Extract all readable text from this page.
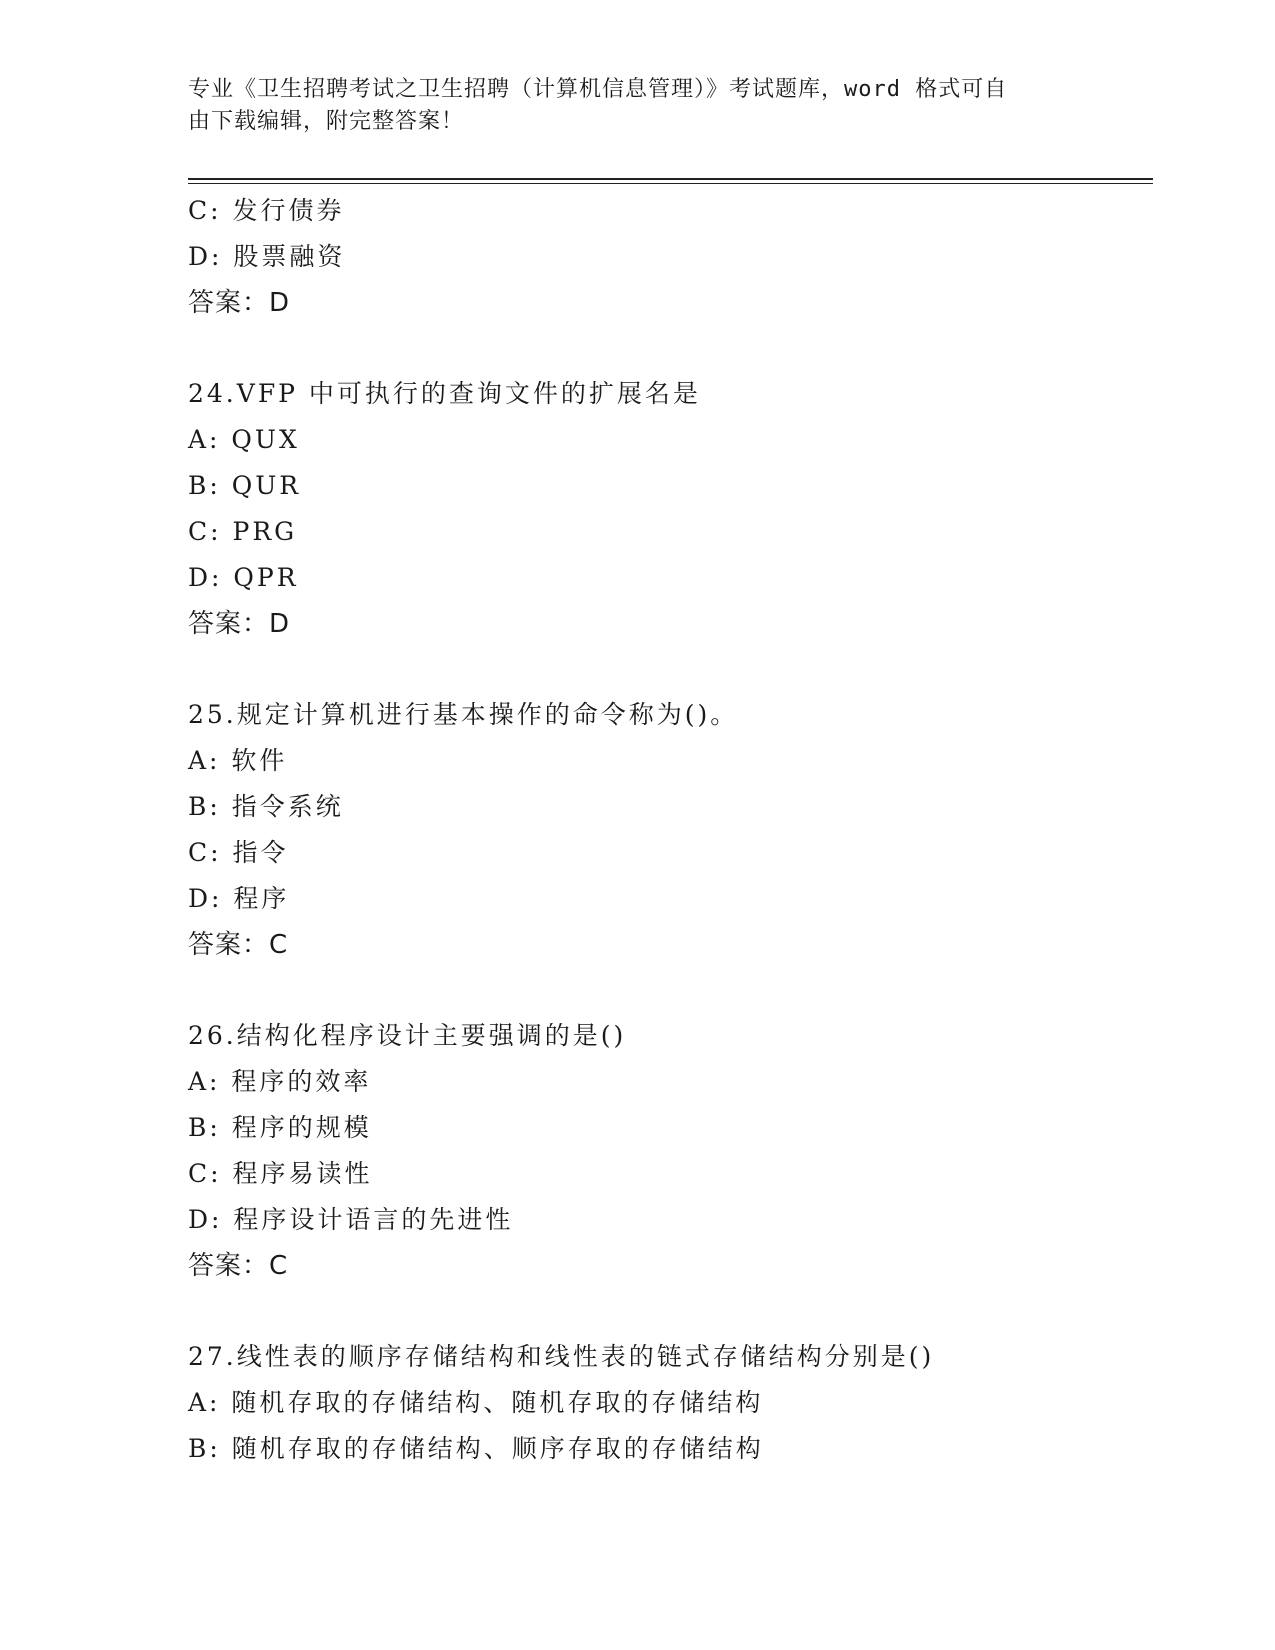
专业《卫生招聘考试之卫生招聘（计算机信息管理）》考试题库，word 格式可自
由下载编辑，附完整答案！
C: 发行债券
D: 股票融资
答案：D
24.VFP 中可执行的查询文件的扩展名是
A: QUX
B: QUR
C: PRG
D: QPR
答案：D
25.规定计算机进行基本操作的命令称为()。
A: 软件
B: 指令系统
C: 指令
D: 程序
答案：C
26.结构化程序设计主要强调的是()
A: 程序的效率
B: 程序的规模
C: 程序易读性
D: 程序设计语言的先进性
答案：C
27.线性表的顺序存储结构和线性表的链式存储结构分别是()
A: 随机存取的存储结构、随机存取的存储结构
B: 随机存取的存储结构、顺序存取的存储结构
